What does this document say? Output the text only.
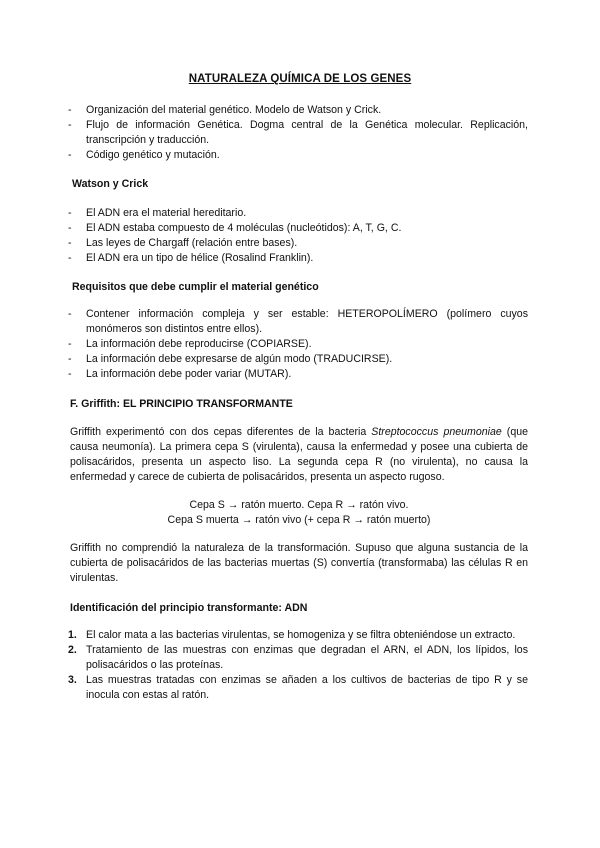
NATURALEZA QUÍMICA DE LOS GENES
- Organización del material genético. Modelo de Watson y Crick.
- Flujo de información Genética. Dogma central de la Genética molecular. Replicación, transcripción y traducción.
- Código genético y mutación.
Watson y Crick
- El ADN era el material hereditario.
- El ADN estaba compuesto de 4 moléculas (nucleótidos): A, T, G, C.
- Las leyes de Chargaff (relación entre bases).
- El ADN era un tipo de hélice (Rosalind Franklin).
Requisitos que debe cumplir el material genético
- Contener información compleja y ser estable: HETEROPOLÍMERO (polímero cuyos monómeros son distintos entre ellos).
- La información debe reproducirse (COPIARSE).
- La información debe expresarse de algún modo (TRADUCIRSE).
- La información debe poder variar (MUTAR).
F. Griffith: EL PRINCIPIO TRANSFORMANTE
Griffith experimentó con dos cepas diferentes de la bacteria Streptococcus pneumoniae (que causa neumonía). La primera cepa S (virulenta), causa la enfermedad y posee una cubierta de polisacáridos, presenta un aspecto liso. La segunda cepa R (no virulenta), no causa la enfermedad y carece de cubierta de polisacáridos, presenta un aspecto rugoso.
Cepa S → ratón muerto. Cepa R → ratón vivo.
Cepa S muerta → ratón vivo (+ cepa R → ratón muerto)
Griffith no comprendió la naturaleza de la transformación. Supuso que alguna sustancia de la cubierta de polisacáridos de las bacterias muertas (S) convertía (transformaba) las células R en virulentas.
Identificación del principio transformante: ADN
1. El calor mata a las bacterias virulentas, se homogeniza y se filtra obteniéndose un extracto.
2. Tratamiento de las muestras con enzimas que degradan el ARN, el ADN, los lípidos, los polisacáridos o las proteínas.
3. Las muestras tratadas con enzimas se añaden a los cultivos de bacterias de tipo R y se inocula con estas al ratón.
